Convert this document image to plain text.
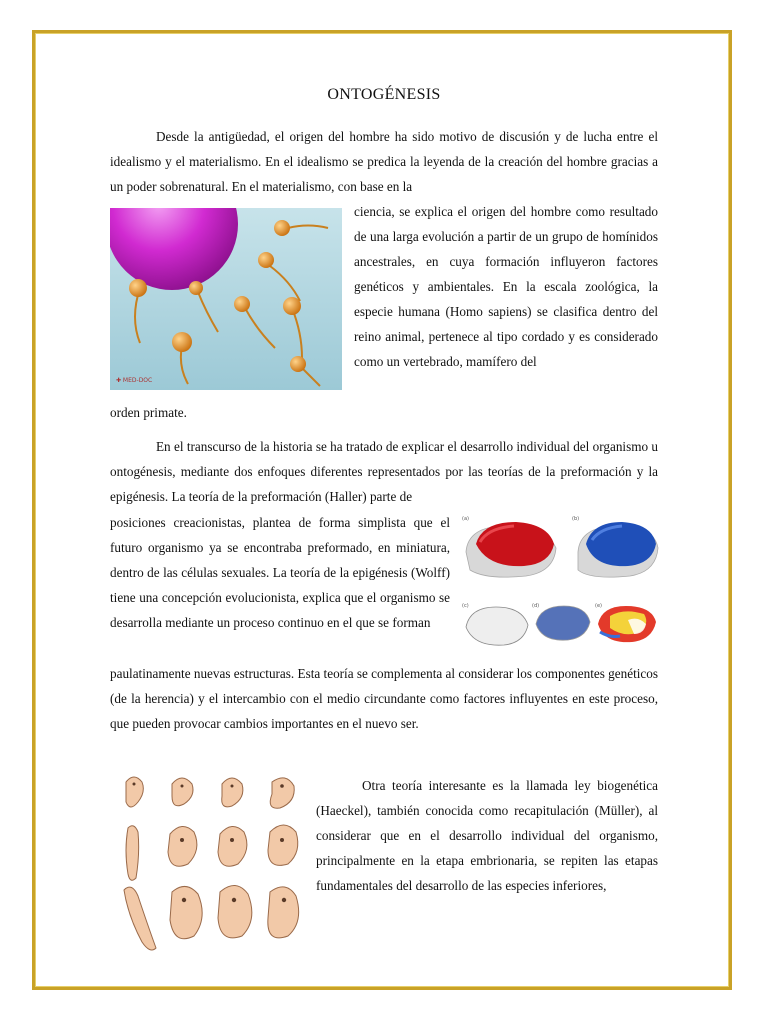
ONTOGÉNESIS

Desde la antigüedad, el origen del hombre ha sido motivo de discusión y de lucha entre el idealismo y el materialismo. En el idealismo se predica la leyenda de la creación del hombre gracias a un poder sobrenatural. En el materialismo, con base en la

✚ MED-DOC

ciencia, se explica el origen del hombre como resultado de una larga evolución a partir de un grupo de homínidos ancestrales, en cuya formación influyeron factores genéticos y ambientales. En la escala zoológica, la especie humana (Homo sapiens) se clasifica dentro del reino animal, pertenece al tipo cordado y es considerado como un vertebrado, mamífero del

orden primate.

En el transcurso de la historia se ha tratado de explicar el desarrollo individual del organismo u ontogénesis, mediante dos enfoques diferentes representados por las teorías de la preformación y la epigénesis. La teoría de la preformación (Haller) parte de

posiciones creacionistas, plantea de forma simplista que el futuro organismo ya se encontraba preformado, en miniatura, dentro de las células sexuales. La teoría de la epigénesis (Wolff) tiene una concepción evolucionista, explica que el organismo se desarrolla mediante un proceso continuo en el que se forman

(a)	(b)
(c)	(d)	(e)

paulatinamente nuevas estructuras. Esta teoría se complementa al considerar los componentes genéticos (de la herencia) y el intercambio con el medio circundante como factores influyentes en este proceso, que pueden provocar cambios importantes en el nuevo ser.

Otra teoría interesante es la llamada ley biogenética (Haeckel), también conocida como recapitulación (Müller), al considerar que en el desarrollo individual del organismo, principalmente en la etapa embrionaria, se repiten las etapas fundamentales del desarrollo de las especies inferiores,
